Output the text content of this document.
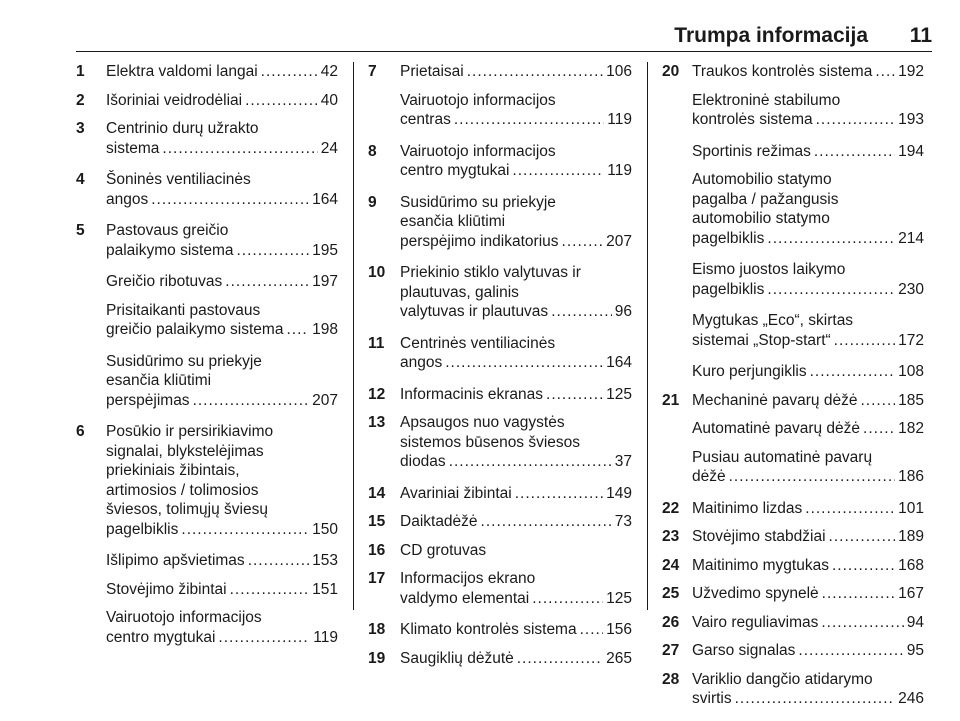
Trumpa informacija 11
1 Elektra valdomi langai .....	42
2 Išoriniai veidrodėliai .....	40
3 Centrinio durų užrakto
sistema .....	24
4 Šoninės ventiliacinės
angos .....	164
5 Pastovaus greičio
palaikymo sistema .....	195
Greičio ribotuvas .....	197
Prisitaikanti pastovaus
greičio palaikymo sistema ..... 198
Susidūrimo su priekyje
esančia kliūtimi
perspėjimas .....	207
6 Posūkio ir persirikiavimo
signalai, blykstelėjimas
priekiniais žibintais,
artimosios / tolimosios
šviesos, tolimųjų šviesų
pagelbiklis .....	150
Išlipimo apšvietimas .....	153
Stovėjimo žibintai .....	151
Vairuotojo informacijos
centro mygtukai .....	119
7 Prietaisai .....	106
Vairuotojo informacijos
centras .....	119
8 Vairuotojo informacijos
centro mygtukai .....	119
9 Susidūrimo su priekyje
esančia kliūtimi
perspėjimo indikatorius .....	207
10 Priekinio stiklo valytuvas ir
plautuvas, galinis
valytuvas ir plautuvas .....	96
11 Centrinės ventiliacinės
angos .....	164
12 Informacinis ekranas .....	125
13 Apsaugos nuo vagystės
sistemos būsenos šviesos
diodas .....	37
14 Avariniai žibintai .....	149
15 Daiktadėžė .....	73
16 CD grotuvas
17 Informacijos ekrano
valdymo elementai .....	125
18 Klimato kontrolės sistema ..... 156
19 Saugiklių dėžutė .....	265
20 Traukos kontrolės sistema ..... 192
Elektroninė stabilumo
kontrolės sistema .....	193
Sportinis režimas .....	194
Automobilio statymo
pagalba / pažangusis
automobilio statymo
pagelbiklis .....	214
Eismo juostos laikymo
pagelbiklis .....	230
Mygtukas „Eco“, skirtas
sistemai „Stop-start“ .....	172
Kuro perjungiklis .....	108
21 Mechaninė pavarų dėžė .....	185
Automatinė pavarų dėžė ..... 182
Pusiau automatinė pavarų
dėžė .....	186
22 Maitinimo lizdas .....	101
23 Stovėjimo stabdžiai .....	189
24 Maitinimo mygtukas .....	168
25 Užvedimo spynelė .....	167
26 Vairo reguliavimas .....	94
27 Garso signalas .....	95
28 Variklio dangčio atidarymo
svirtis .....	246
